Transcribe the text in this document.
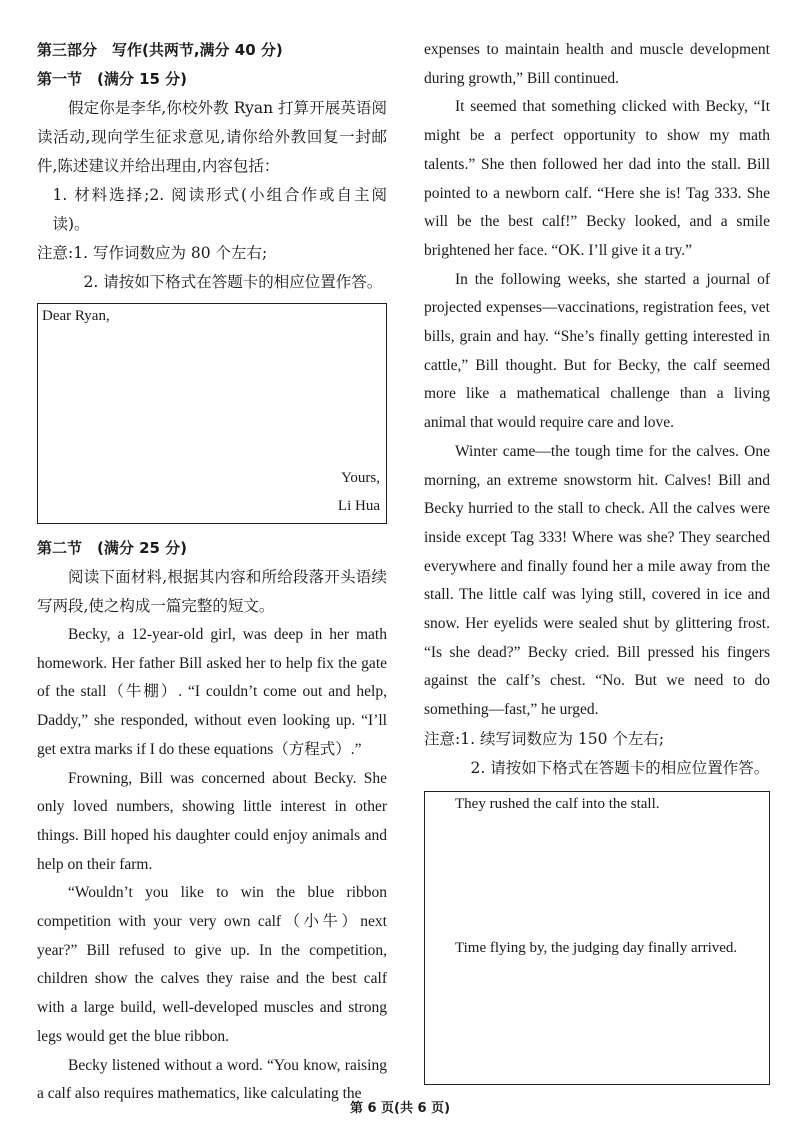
第三部分　写作(共两节,满分 40 分)

第一节　(满分 15 分)

假定你是李华,你校外教 Ryan 打算开展英语阅读活动,现向学生征求意见,请你给外教回复一封邮件,陈述建议并给出理由,内容包括：

1. 材料选择;2. 阅读形式(小组合作或自主阅读)。

注意:1. 写作词数应为 80 个左右;

2. 请按如下格式在答题卡的相应位置作答。

Dear Ryan,
Yours,
Li Hua

第二节　(满分 25 分)

阅读下面材料,根据其内容和所给段落开头语续写两段,使之构成一篇完整的短文。

Becky, a 12-year-old girl, was deep in her math homework. Her father Bill asked her to help fix the gate of the stall（牛棚）. “I couldn’t come out and help, Daddy,” she responded, without even looking up. “I’ll get extra marks if I do these equations（方程式）.”

Frowning, Bill was concerned about Becky. She only loved numbers, showing little interest in other things. Bill hoped his daughter could enjoy animals and help on their farm.

“Wouldn’t you like to win the blue ribbon competition with your very own calf（小牛）next year?” Bill refused to give up. In the competition, children show the calves they raise and the best calf with a large build, well-developed muscles and strong legs would get the blue ribbon.

Becky listened without a word. “You know, raising a calf also requires mathematics, like calculating the

expenses to maintain health and muscle development during growth,” Bill continued.

It seemed that something clicked with Becky, “It might be a perfect opportunity to show my math talents.” She then followed her dad into the stall. Bill pointed to a newborn calf. “Here she is! Tag 333. She will be the best calf!” Becky looked, and a smile brightened her face. “OK. I’ll give it a try.”

In the following weeks, she started a journal of projected expenses—vaccinations, registration fees, vet bills, grain and hay. “She’s finally getting interested in cattle,” Bill thought. But for Becky, the calf seemed more like a mathematical challenge than a living animal that would require care and love.

Winter came—the tough time for the calves. One morning, an extreme snowstorm hit. Calves! Bill and Becky hurried to the stall to check. All the calves were inside except Tag 333! Where was she? They searched everywhere and finally found her a mile away from the stall. The little calf was lying still, covered in ice and snow. Her eyelids were sealed shut by glittering frost. “Is she dead?” Becky cried. Bill pressed his fingers against the calf’s chest. “No. But we need to do something—fast,” he urged.

注意:1. 续写词数应为 150 个左右;

2. 请按如下格式在答题卡的相应位置作答。

They rushed the calf into the stall.
Time flying by, the judging day finally arrived.
第 6 页(共 6 页)
